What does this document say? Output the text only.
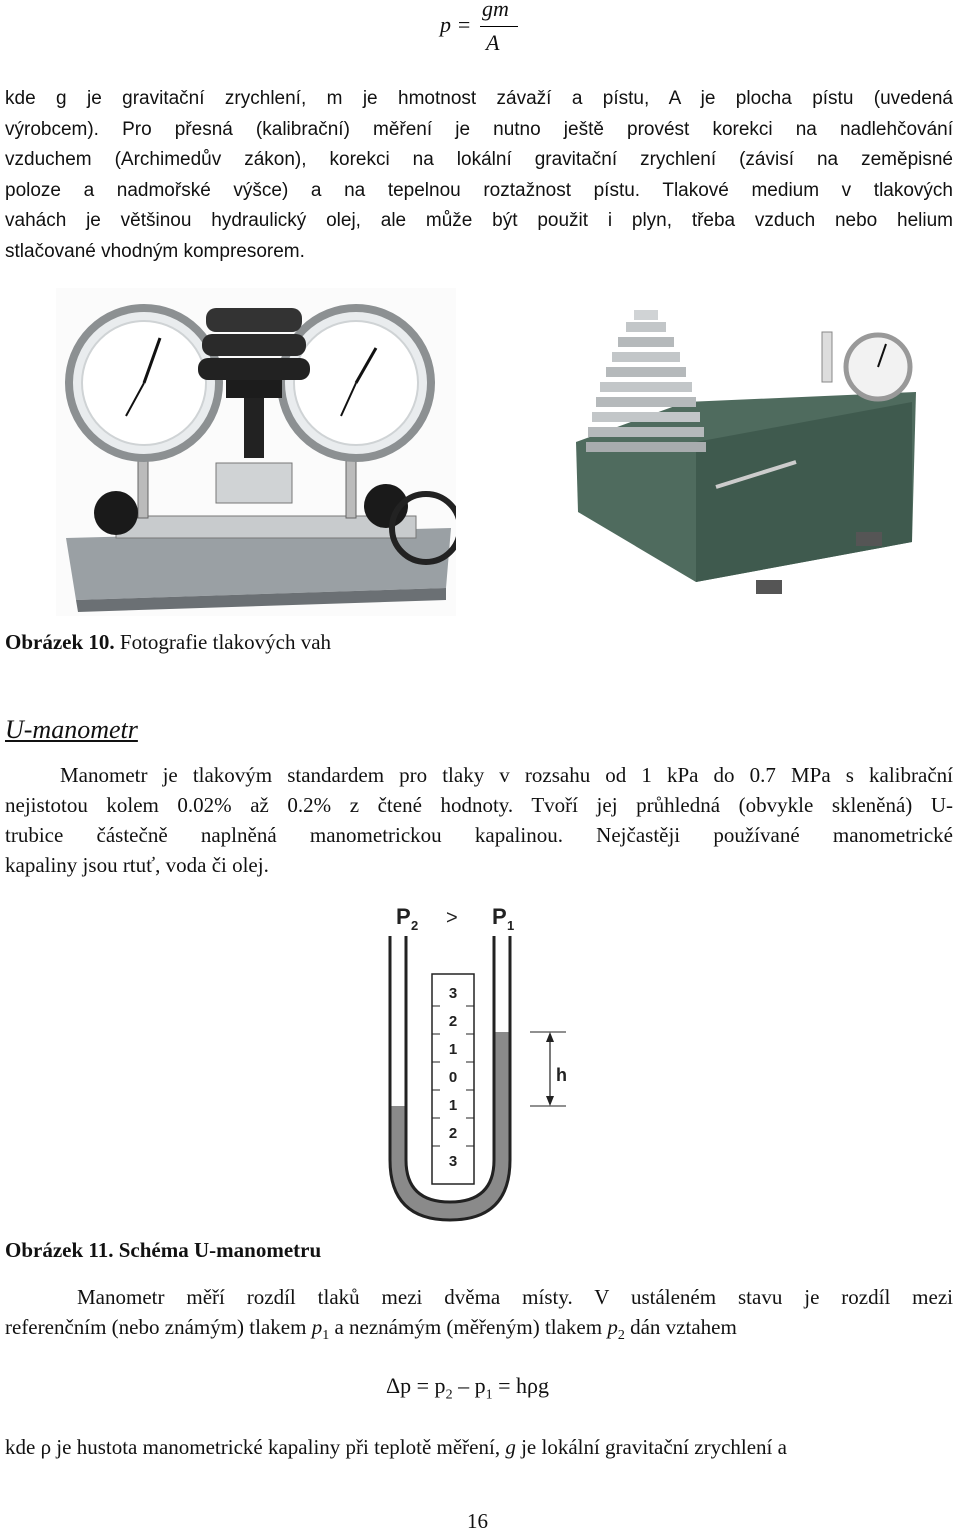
p =
gm
A
kde g je gravitační zrychlení, m je hmotnost závaží a pístu, A je plocha pístu (uvedená
výrobcem). Pro přesná (kalibrační) měření je nutno ještě provést korekci na nadlehčování
vzduchem (Archimedův zákon), korekci na lokální gravitační zrychlení (závisí na zeměpisné
poloze a nadmořské výšce) a na tepelnou roztažnost pístu. Tlakové medium v tlakových
vahách je většinou hydraulický olej, ale může být použit i plyn, třeba vzduch nebo helium
stlačované vhodným kompresorem.
Obrázek 10. Fotografie tlakových vah
U-manometr
Manometr je tlakovým standardem pro tlaky v rozsahu od 1 kPa do 0.7 MPa s kalibrační
nejistotou kolem 0.02% až 0.2% z čtené hodnoty. Tvoří jej průhledná (obvykle skleněná) U-
trubice částečně naplněná manometrickou kapalinou. Nejčastěji používané manometrické
kapaliny jsou rtuť, voda či olej.
P 2 > P 1
3
2
1
0
1
2
3
h
Obrázek 11. Schéma U-manometru
Manometr měří rozdíl tlaků mezi dvěma místy. V ustáleném stavu je rozdíl mezi
referenčním (nebo známým) tlakem $p_1$ a neznámým (měřeným) tlakem $p_2$ dán vztahem
$\Delta p = p_2 - p_1 = h\rho g$
kde ρ je hustota manometrické kapaliny při teplotě měření, g je lokální gravitační zrychlení a
16
